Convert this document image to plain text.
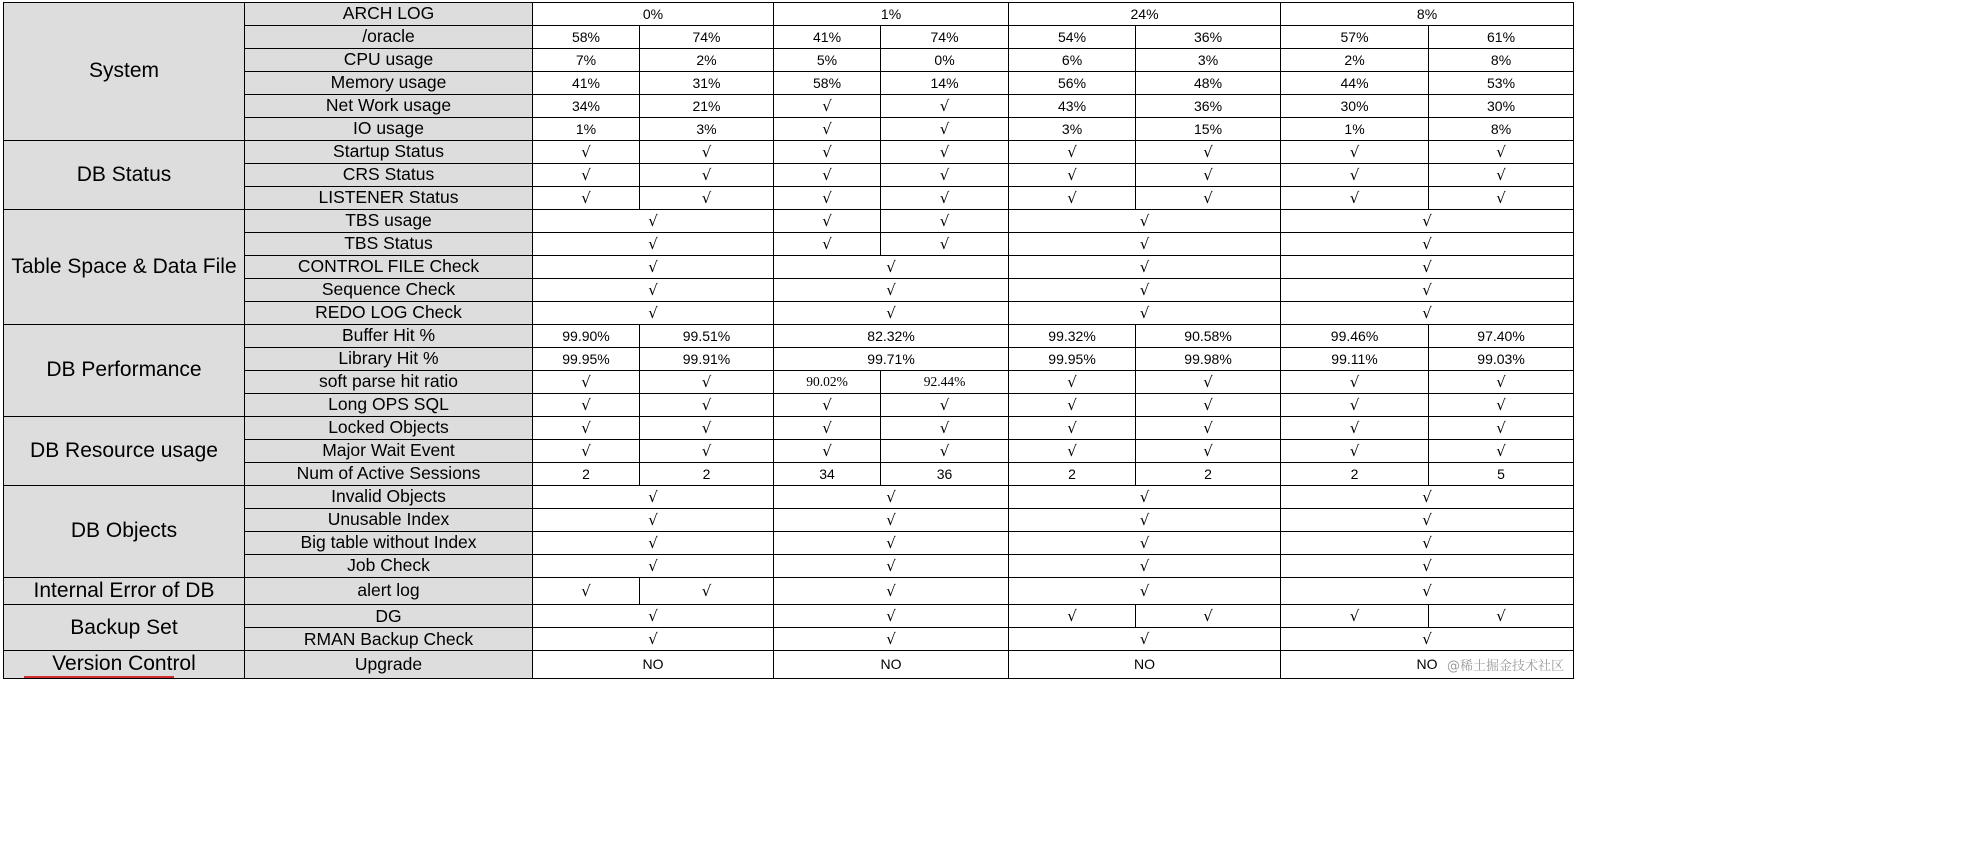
System	ARCH LOG	0%		1%		24%		8%	
	/oracle	58%	74%	41%	74%	54%	36%	57%	61%
	CPU usage	7%	2%	5%	0%	6%	3%	2%	8%
	Memory usage	41%	31%	58%	14%	56%	48%	44%	53%
	Net Work usage	34%	21%	√	√	43%	36%	30%	30%
	IO usage	1%	3%	√	√	3%	15%	1%	8%
DB Status	Startup Status	√	√	√	√	√	√	√	√
	CRS Status	√	√	√	√	√	√	√	√
	LISTENER Status	√	√	√	√	√	√	√	√
Table Space & Data File	TBS usage	√		√	√	√		√	
	TBS Status	√		√	√	√		√	
	CONTROL FILE Check	√		√		√		√	
	Sequence Check	√		√		√		√	
	REDO LOG Check	√		√		√		√	
DB Performance	Buffer Hit %	99.90%	99.51%	82.32%		99.32%	90.58%	99.46%	97.40%
	Library Hit %	99.95%	99.91%	99.71%		99.95%	99.98%	99.11%	99.03%
	soft parse hit ratio	√	√	90.02%	92.44%	√	√	√	√
	Long OPS SQL	√	√	√	√	√	√	√	√
DB Resource usage	Locked Objects	√	√	√	√	√	√	√	√
	Major Wait Event	√	√	√	√	√	√	√	√
	Num of Active Sessions	2	2	34	36	2	2	2	5
DB Objects	Invalid Objects	√		√		√		√	
	Unusable Index	√		√		√		√	
	Big table without Index	√		√		√		√	
	Job Check	√		√		√		√	
Internal Error of DB	alert log	√	√	√		√		√	
Backup Set	DG	√		√		√	√	√	√
	RMAN Backup Check	√		√		√		√	
Version Control	Upgrade	NO		NO		NO		NO	@稀土掘金技术社区
